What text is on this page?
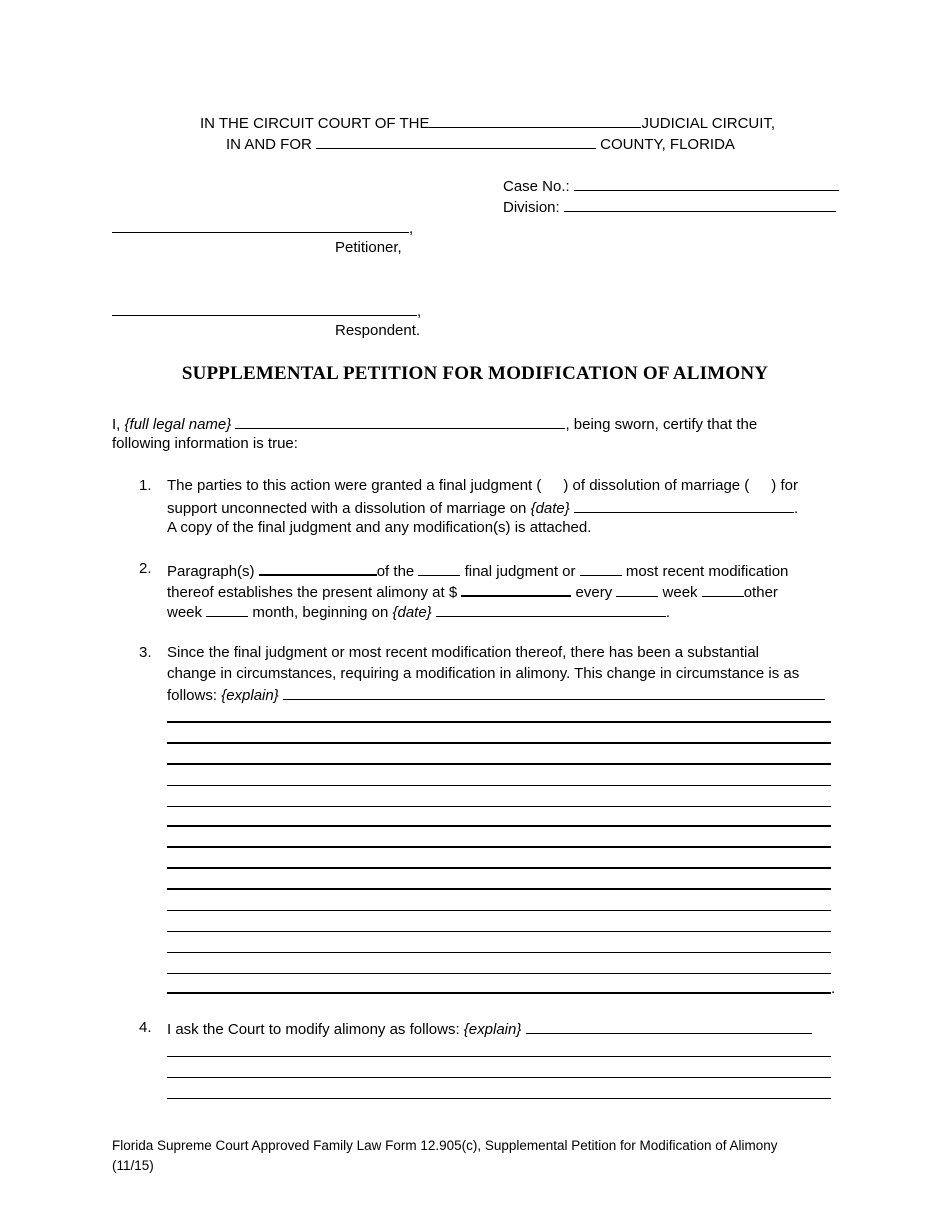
IN THE CIRCUIT COURT OF THE	JUDICIAL CIRCUIT,
IN AND FOR	COUNTY, FLORIDA
Case No.:
Division:
,
Petitioner,
,
Respondent.
SUPPLEMENTAL PETITION FOR MODIFICATION OF ALIMONY
I, {full legal name}	, being sworn, certify that the
following information is true:
1.	The parties to this action were granted a final judgment ( ) of dissolution of marriage ( ) for
support unconnected with a dissolution of marriage on {date}	.
A copy of the final judgment and any modification(s) is attached.
2.	Paragraph(s)	of the	final judgment or	most recent modification
thereof establishes the present alimony at $	every	week	other
week	month, beginning on {date}	.
3.	Since the final judgment or most recent modification thereof, there has been a substantial
change in circumstances, requiring a modification in alimony. This change in circumstance is as
follows: {explain}
.
4.	I ask the Court to modify alimony as follows: {explain}
Florida Supreme Court Approved Family Law Form 12.905(c), Supplemental Petition for Modification of Alimony
(11/15)
